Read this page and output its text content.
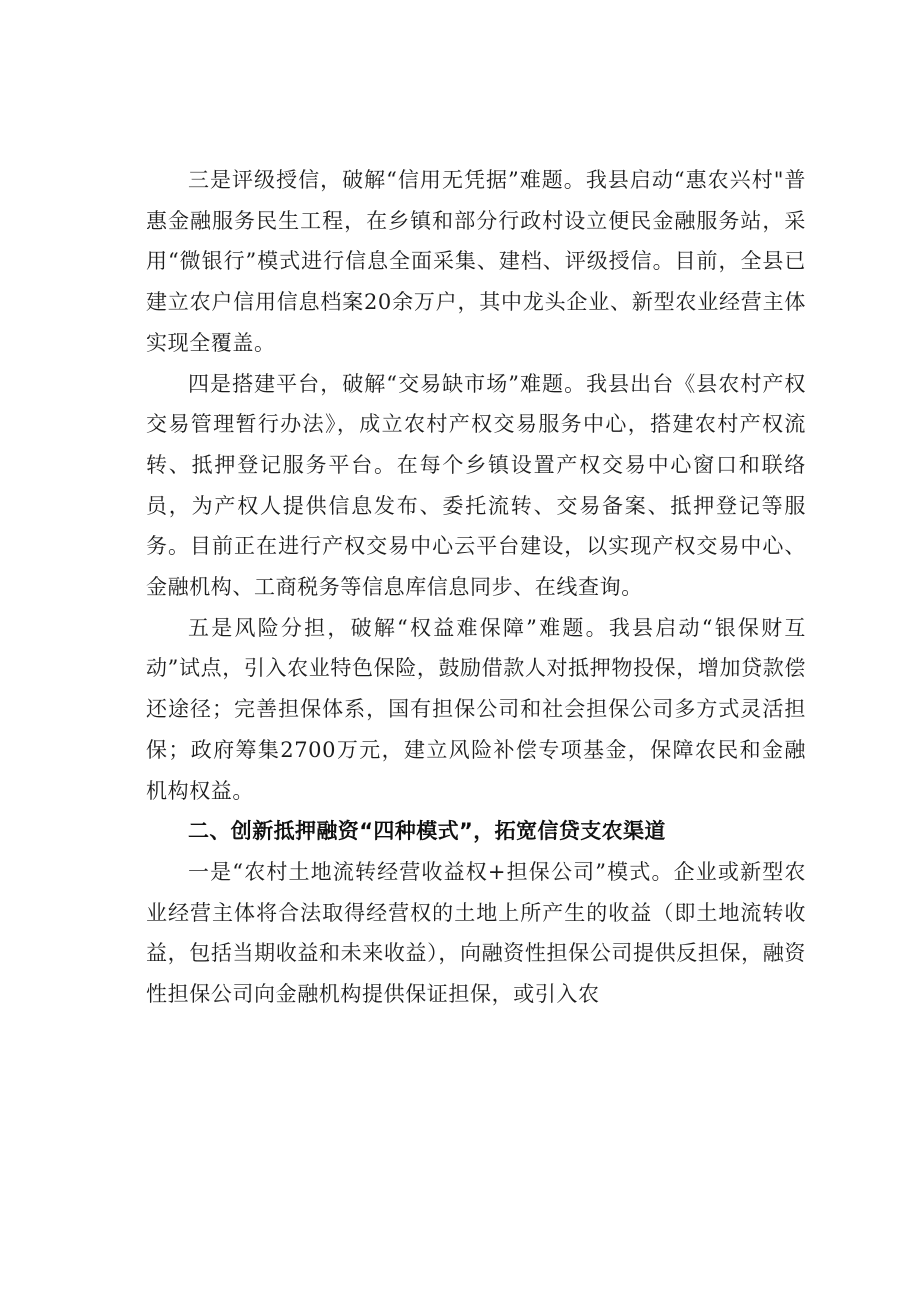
三是评级授信，破解“信用无凭据”难题。我县启动“惠农兴村"普惠金融服务民生工程，在乡镇和部分行政村设立便民金融服务站，采用“微银行”模式进行信息全面采集、建档、评级授信。目前，全县已建立农户信用信息档案20余万户，其中龙头企业、新型农业经营主体实现全覆盖。

四是搭建平台，破解“交易缺市场”难题。我县出台《县农村产权交易管理暂行办法》，成立农村产权交易服务中心，搭建农村产权流转、抵押登记服务平台。在每个乡镇设置产权交易中心窗口和联络员，为产权人提供信息发布、委托流转、交易备案、抵押登记等服务。目前正在进行产权交易中心云平台建设，以实现产权交易中心、金融机构、工商税务等信息库信息同步、在线查询。

五是风险分担，破解“权益难保障”难题。我县启动“银保财互动”试点，引入农业特色保险，鼓励借款人对抵押物投保，增加贷款偿还途径；完善担保体系，国有担保公司和社会担保公司多方式灵活担保；政府筹集2700万元，建立风险补偿专项基金，保障农民和金融机构权益。

二、创新抵押融资“四种模式”，拓宽信贷支农渠道

一是“农村土地流转经营收益权+担保公司”模式。企业或新型农业经营主体将合法取得经营权的土地上所产生的收益（即土地流转收益，包括当期收益和未来收益），向融资性担保公司提供反担保，融资性担保公司向金融机构提供保证担保，或引入农
